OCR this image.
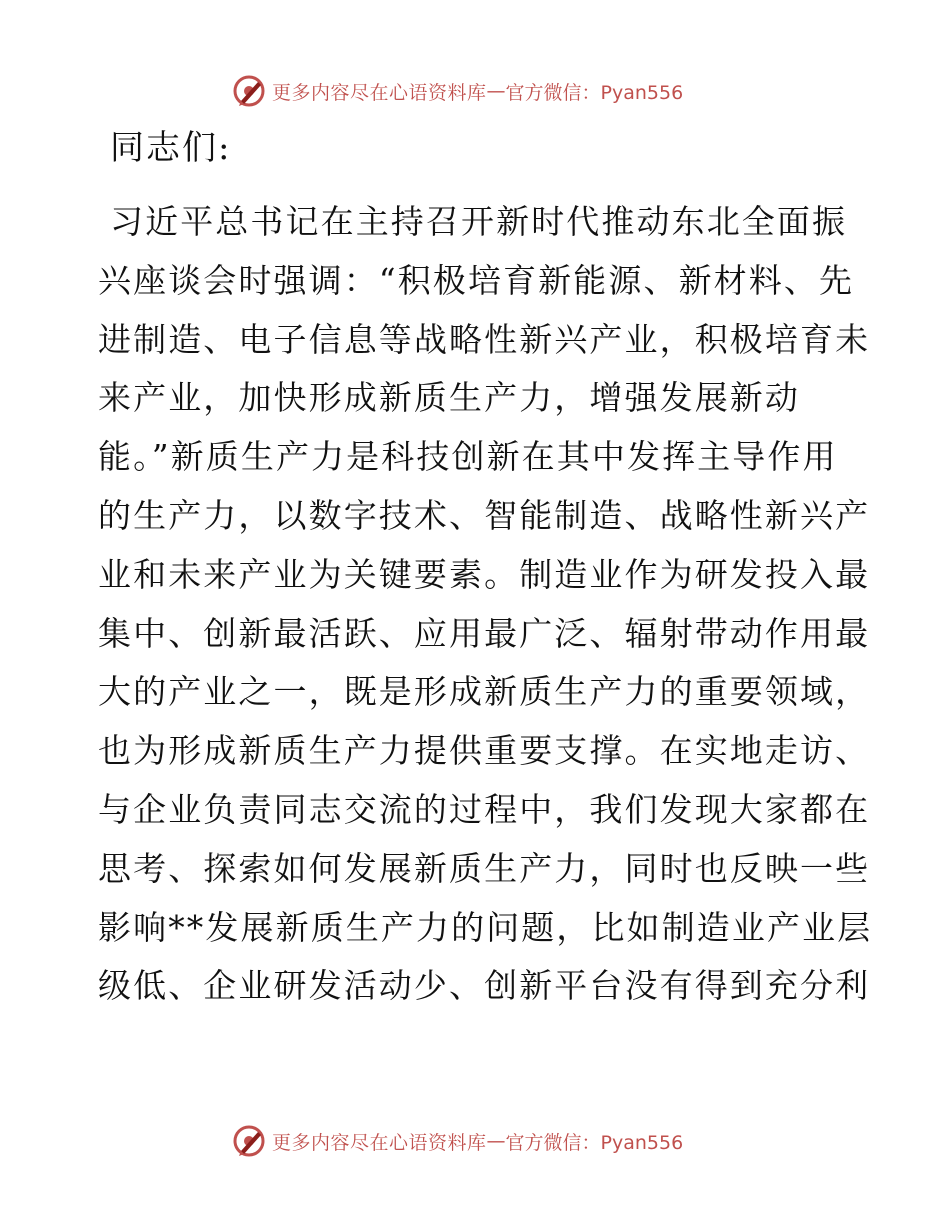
更多内容尽在心语资料库 — 官方微信：Pyan556
同志们:
习近平总书记在主持召开新时代推动东北全面振
兴座谈会时强调：“积极培育新能源、新材料、先
进制造、电子信息等战略性新兴产业，积极培育未
来产业，加快形成新质生产力，增强发展新动
能。”新质生产力是科技创新在其中发挥主导作用
的生产力，以数字技术、智能制造、战略性新兴产
业和未来产业为关键要素。制造业作为研发投入最
集中、创新最活跃、应用最广泛、辐射带动作用最
大的产业之一，既是形成新质生产力的重要领域，
也为形成新质生产力提供重要支撑。在实地走访、
与企业负责同志交流的过程中，我们发现大家都在
思考、探索如何发展新质生产力，同时也反映一些
影响**发展新质生产力的问题，比如制造业产业层
级低、企业研发活动少、创新平台没有得到充分利
更多内容尽在心语资料库 — 官方微信：Pyan556
